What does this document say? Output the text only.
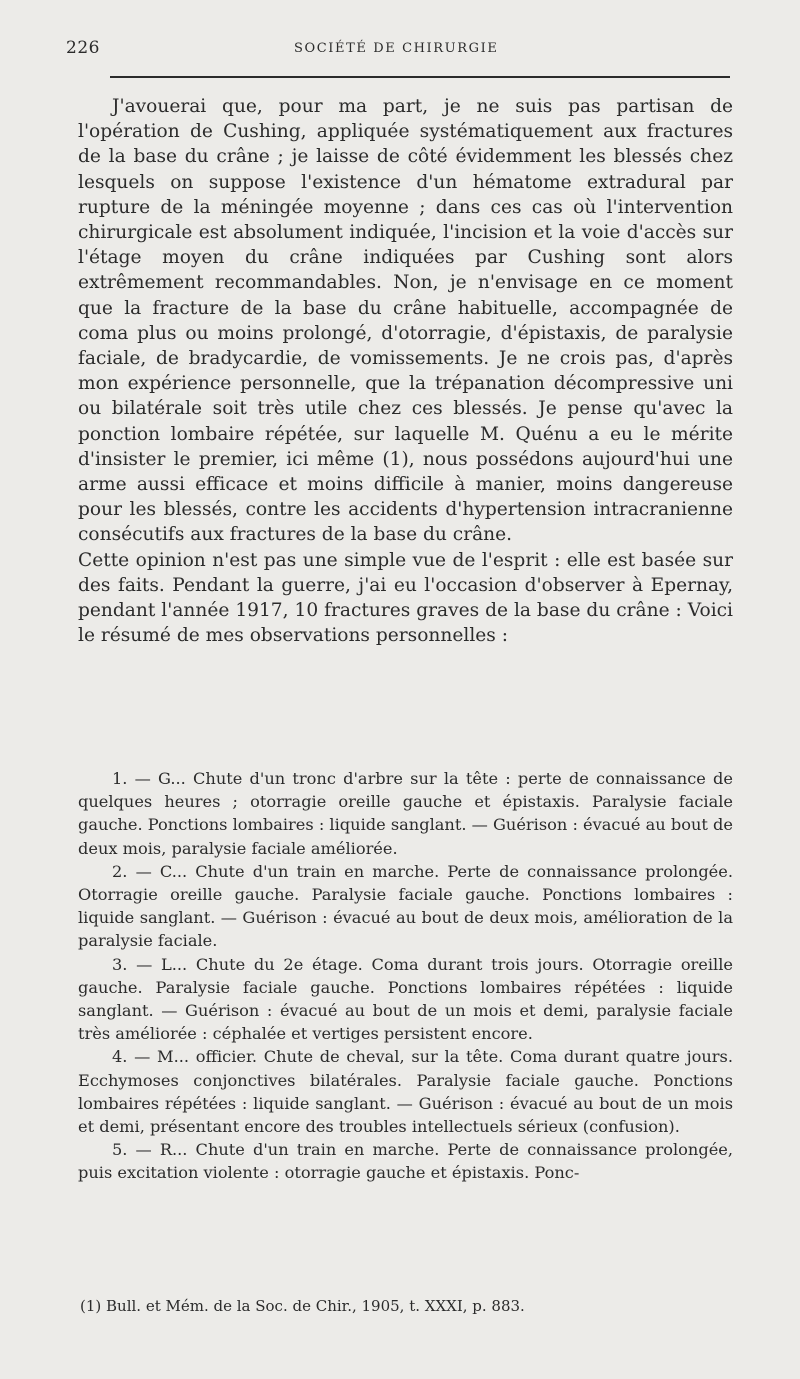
226	SOCIÉTÉ DE CHIRURGIE

J'avouerai que, pour ma part, je ne suis pas partisan de l'opération de Cushing, appliquée systématiquement aux fractures de la base du crâne ; je laisse de côté évidemment les blessés chez lesquels on suppose l'existence d'un hématome extradural par rupture de la méningée moyenne ; dans ces cas où l'intervention chirurgicale est absolument indiquée, l'incision et la voie d'accès sur l'étage moyen du crâne indiquées par Cushing sont alors extrêmement recommandables. Non, je n'envisage en ce moment que la fracture de la base du crâne habituelle, accompagnée de coma plus ou moins prolongé, d'otorragie, d'épistaxis, de paralysie faciale, de bradycardie, de vomissements. Je ne crois pas, d'après mon expérience personnelle, que la trépanation décompressive uni ou bilatérale soit très utile chez ces blessés. Je pense qu'avec la ponction lombaire répétée, sur laquelle M. Quénu a eu le mérite d'insister le premier, ici même (1), nous possédons aujourd'hui une arme aussi efficace et moins difficile à manier, moins dangereuse pour les blessés, contre les accidents d'hypertension intracranienne consécutifs aux fractures de la base du crâne.

Cette opinion n'est pas une simple vue de l'esprit : elle est basée sur des faits. Pendant la guerre, j'ai eu l'occasion d'observer à Epernay, pendant l'année 1917, 10 fractures graves de la base du crâne : Voici le résumé de mes observations personnelles :

1. — G... Chute d'un tronc d'arbre sur la tête : perte de connaissance de quelques heures ; otorragie oreille gauche et épistaxis. Paralysie faciale gauche. Ponctions lombaires : liquide sanglant. — Guérison : évacué au bout de deux mois, paralysie faciale améliorée.

2. — C... Chute d'un train en marche. Perte de connaissance prolongée. Otorragie oreille gauche. Paralysie faciale gauche. Ponctions lombaires : liquide sanglant. — Guérison : évacué au bout de deux mois, amélioration de la paralysie faciale.

3. — L... Chute du 2e étage. Coma durant trois jours. Otorragie oreille gauche. Paralysie faciale gauche. Ponctions lombaires répétées : liquide sanglant. — Guérison : évacué au bout de un mois et demi, paralysie faciale très améliorée : céphalée et vertiges persistent encore.

4. — M... officier. Chute de cheval, sur la tête. Coma durant quatre jours. Ecchymoses conjonctives bilatérales. Paralysie faciale gauche. Ponctions lombaires répétées : liquide sanglant. — Guérison : évacué au bout de un mois et demi, présentant encore des troubles intellectuels sérieux (confusion).

5. — R... Chute d'un train en marche. Perte de connaissance prolongée, puis excitation violente : otorragie gauche et épistaxis. Ponc-

(1) Bull. et Mém. de la Soc. de Chir., 1905, t. XXXI, p. 883.
